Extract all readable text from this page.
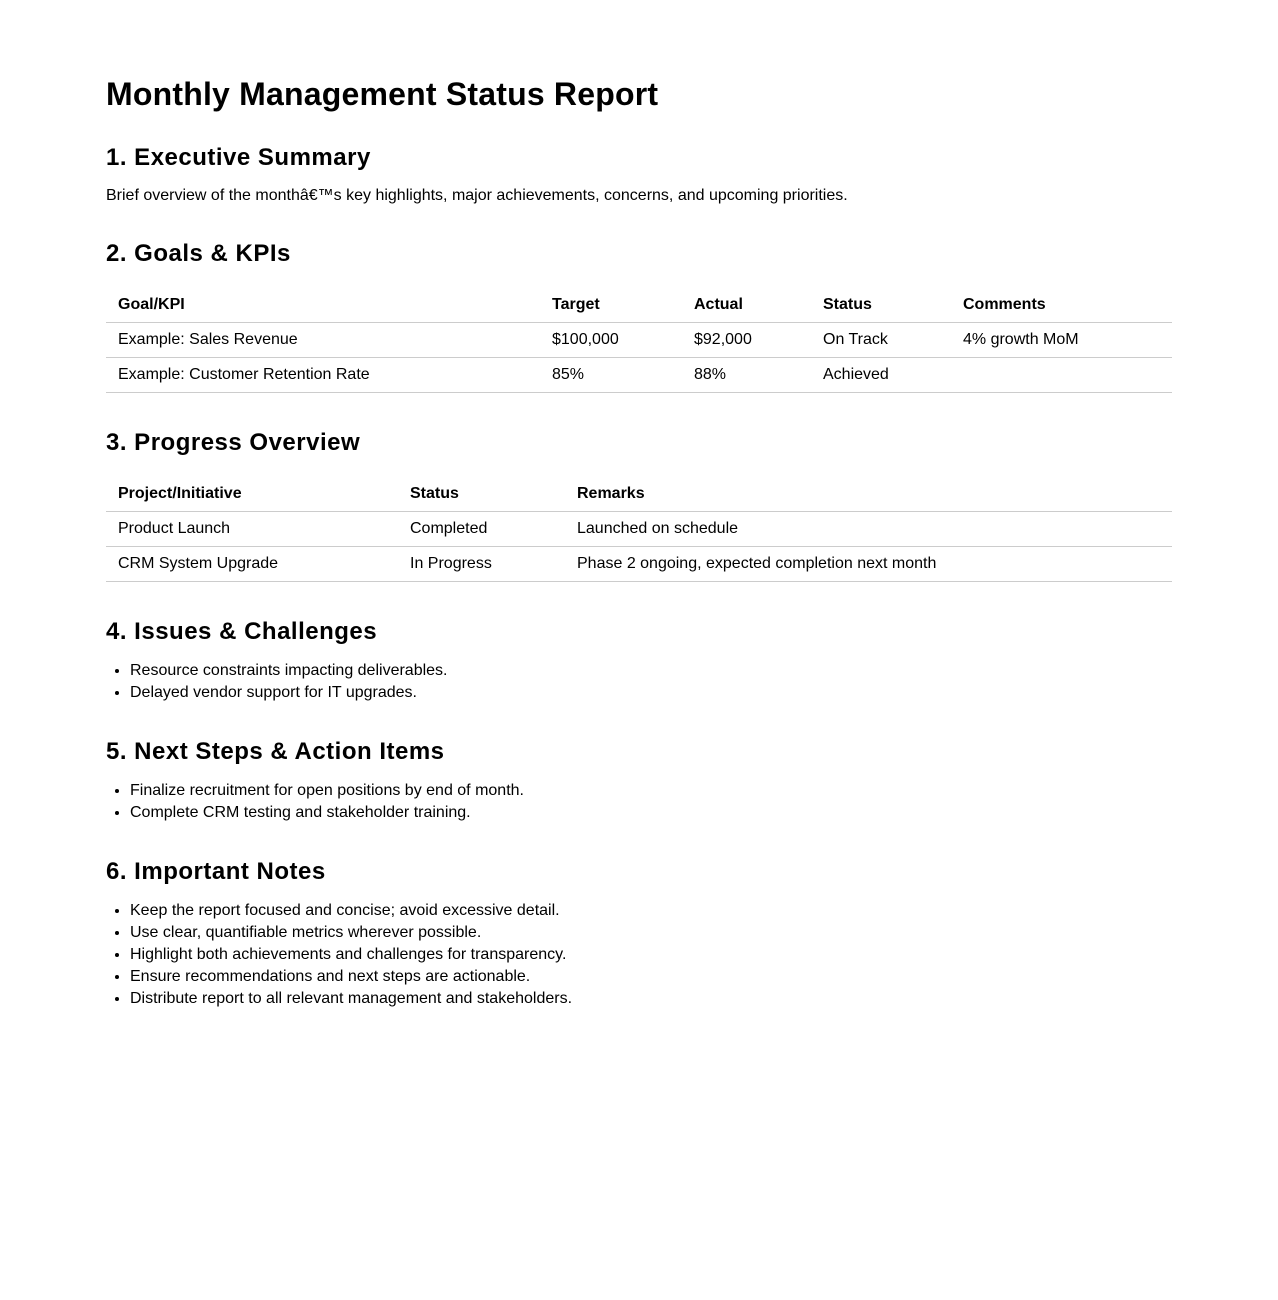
Monthly Management Status Report
1. Executive Summary

Brief overview of the monthâ€™s key highlights, major achievements, concerns, and upcoming priorities.

2. Goals & KPIs
Goal/KPI	Target	Actual	Status	Comments
Example: Sales Revenue	$100,000	$92,000	On Track	4% growth MoM
Example: Customer Retention Rate	85%	88%	Achieved	
3. Progress Overview
Project/Initiative	Status	Remarks
Product Launch	Completed	Launched on schedule
CRM System Upgrade	In Progress	Phase 2 ongoing, expected completion next month
4. Issues & Challenges
• Resource constraints impacting deliverables.
• Delayed vendor support for IT upgrades.
5. Next Steps & Action Items
• Finalize recruitment for open positions by end of month.
• Complete CRM testing and stakeholder training.
6. Important Notes
• Keep the report focused and concise; avoid excessive detail.
• Use clear, quantifiable metrics wherever possible.
• Highlight both achievements and challenges for transparency.
• Ensure recommendations and next steps are actionable.
• Distribute report to all relevant management and stakeholders.
